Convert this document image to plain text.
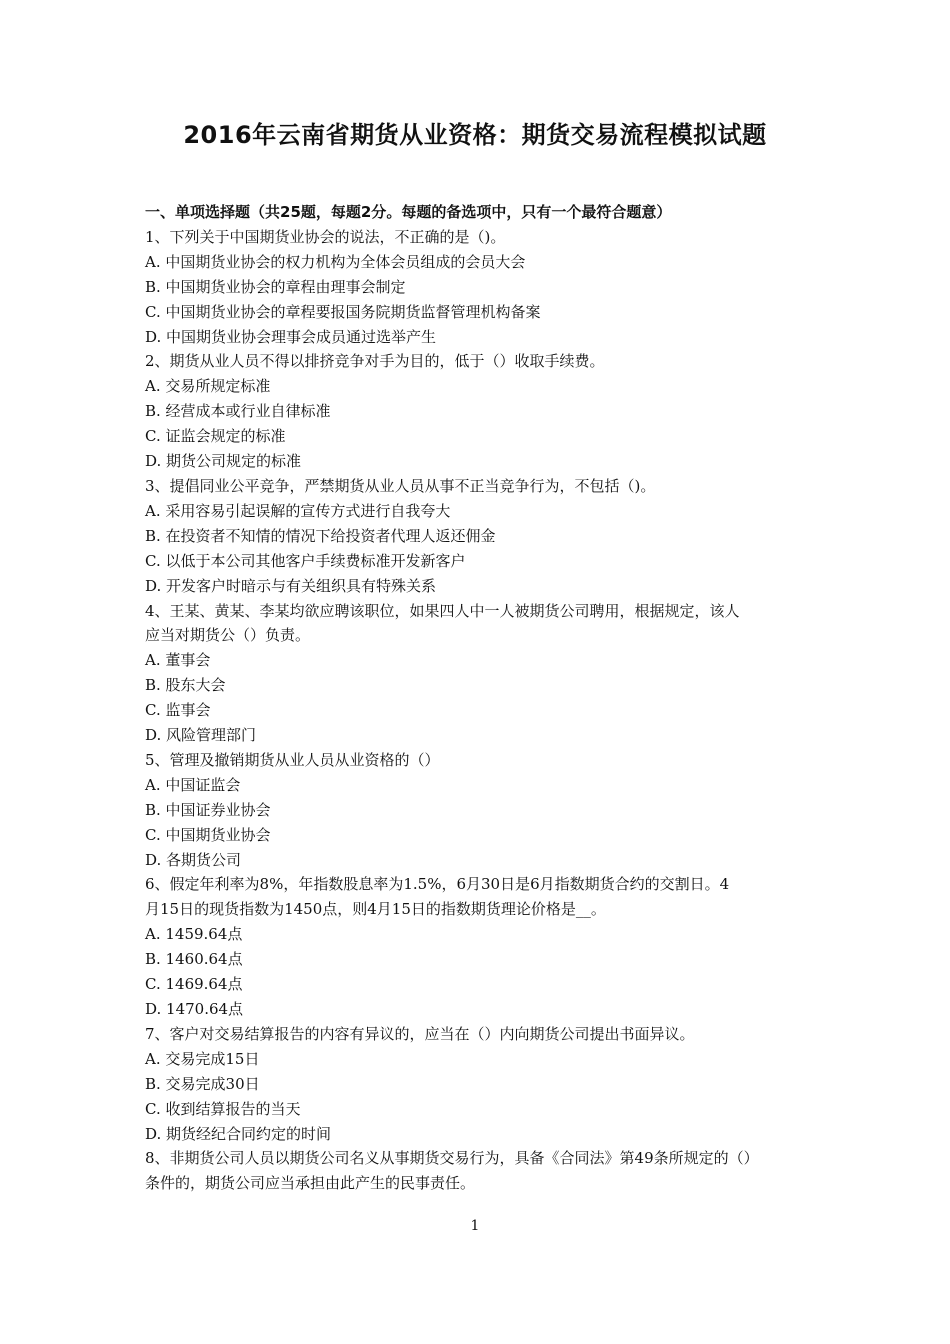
2016年云南省期货从业资格：期货交易流程模拟试题
一、单项选择题（共25题，每题2分。每题的备选项中，只有一个最符合题意）
1、下列关于中国期货业协会的说法，不正确的是（)。
A. 中国期货业协会的权力机构为全体会员组成的会员大会
B. 中国期货业协会的章程由理事会制定
C. 中国期货业协会的章程要报国务院期货监督管理机构备案
D. 中国期货业协会理事会成员通过选举产生
2、期货从业人员不得以排挤竞争对手为目的，低于（）收取手续费。
A. 交易所规定标准
B. 经营成本或行业自律标准
C. 证监会规定的标准
D. 期货公司规定的标准
3、提倡同业公平竞争，严禁期货从业人员从事不正当竞争行为，不包括（)。
A. 采用容易引起误解的宣传方式进行自我夸大
B. 在投资者不知情的情况下给投资者代理人返还佣金
C. 以低于本公司其他客户手续费标准开发新客户
D. 开发客户时暗示与有关组织具有特殊关系
4、王某、黄某、李某均欲应聘该职位，如果四人中一人被期货公司聘用，根据规定，该人
应当对期货公（）负责。
A. 董事会
B. 股东大会
C. 监事会
D. 风险管理部门
5、管理及撤销期货从业人员从业资格的（）
A. 中国证监会
B. 中国证券业协会
C. 中国期货业协会
D. 各期货公司
6、假定年利率为8%，年指数股息率为1.5%，6月30日是6月指数期货合约的交割日。4
月15日的现货指数为1450点，则4月15日的指数期货理论价格是__。
A. 1459.64点
B. 1460.64点
C. 1469.64点
D. 1470.64点
7、客户对交易结算报告的内容有异议的，应当在（）内向期货公司提出书面异议。
A. 交易完成15日
B. 交易完成30日
C. 收到结算报告的当天
D. 期货经纪合同约定的时间
8、非期货公司人员以期货公司名义从事期货交易行为，具备《合同法》第49条所规定的（）
条件的，期货公司应当承担由此产生的民事责任。
1
